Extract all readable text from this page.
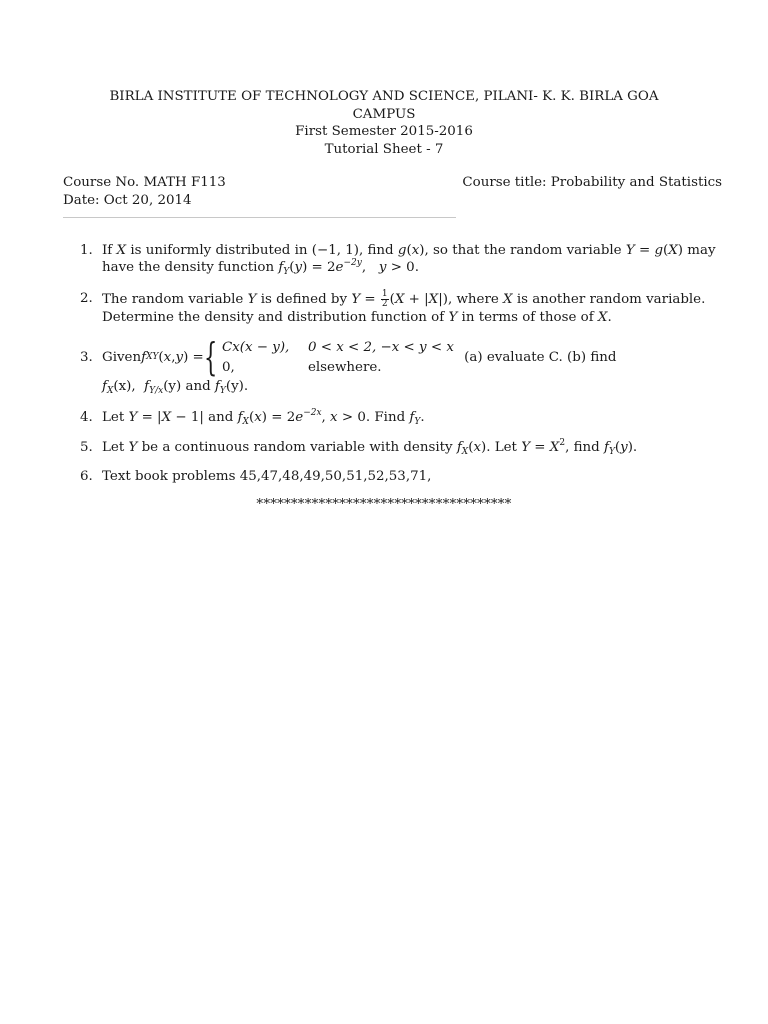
BIRLA INSTITUTE OF TECHNOLOGY AND SCIENCE, PILANI- K. K. BIRLA GOA
CAMPUS
First Semester 2015-2016
Tutorial Sheet - 7
Course No. MATH F113
Date: Oct 20, 2014
Course title: Probability and Statistics
1. If X is uniformly distributed in (−1, 1), find g(x), so that the random variable Y = g(X) may
have the density function $f_Y(y) = 2e^{-2y}$,   y > 0.
2. The random variable Y is defined by $Y = \frac{1}{2} (X + |X|)$, where X is another random variable.
Determine the density and distribution function of Y in terms of those of X.
3. Given f XY ( x , y ) = { Cx(x − y),	0 < x < 2, −x < y < x
0,	elsewhere.
(a) evaluate C. (b) find
$f_X(x)$,  $f_{Y/x}(y)$ and $f_Y(y)$.
4. Let Y = |X − 1| and $f_X(x) = 2e^{-2x}$, x > 0. Find $f_Y$.
5. Let Y be a continuous random variable with density $f_X(x)$. Let $Y = X^2$, find $f_Y(y)$.
6. Text book problems 45,47,48,49,50,51,52,53,71,
*************************************
